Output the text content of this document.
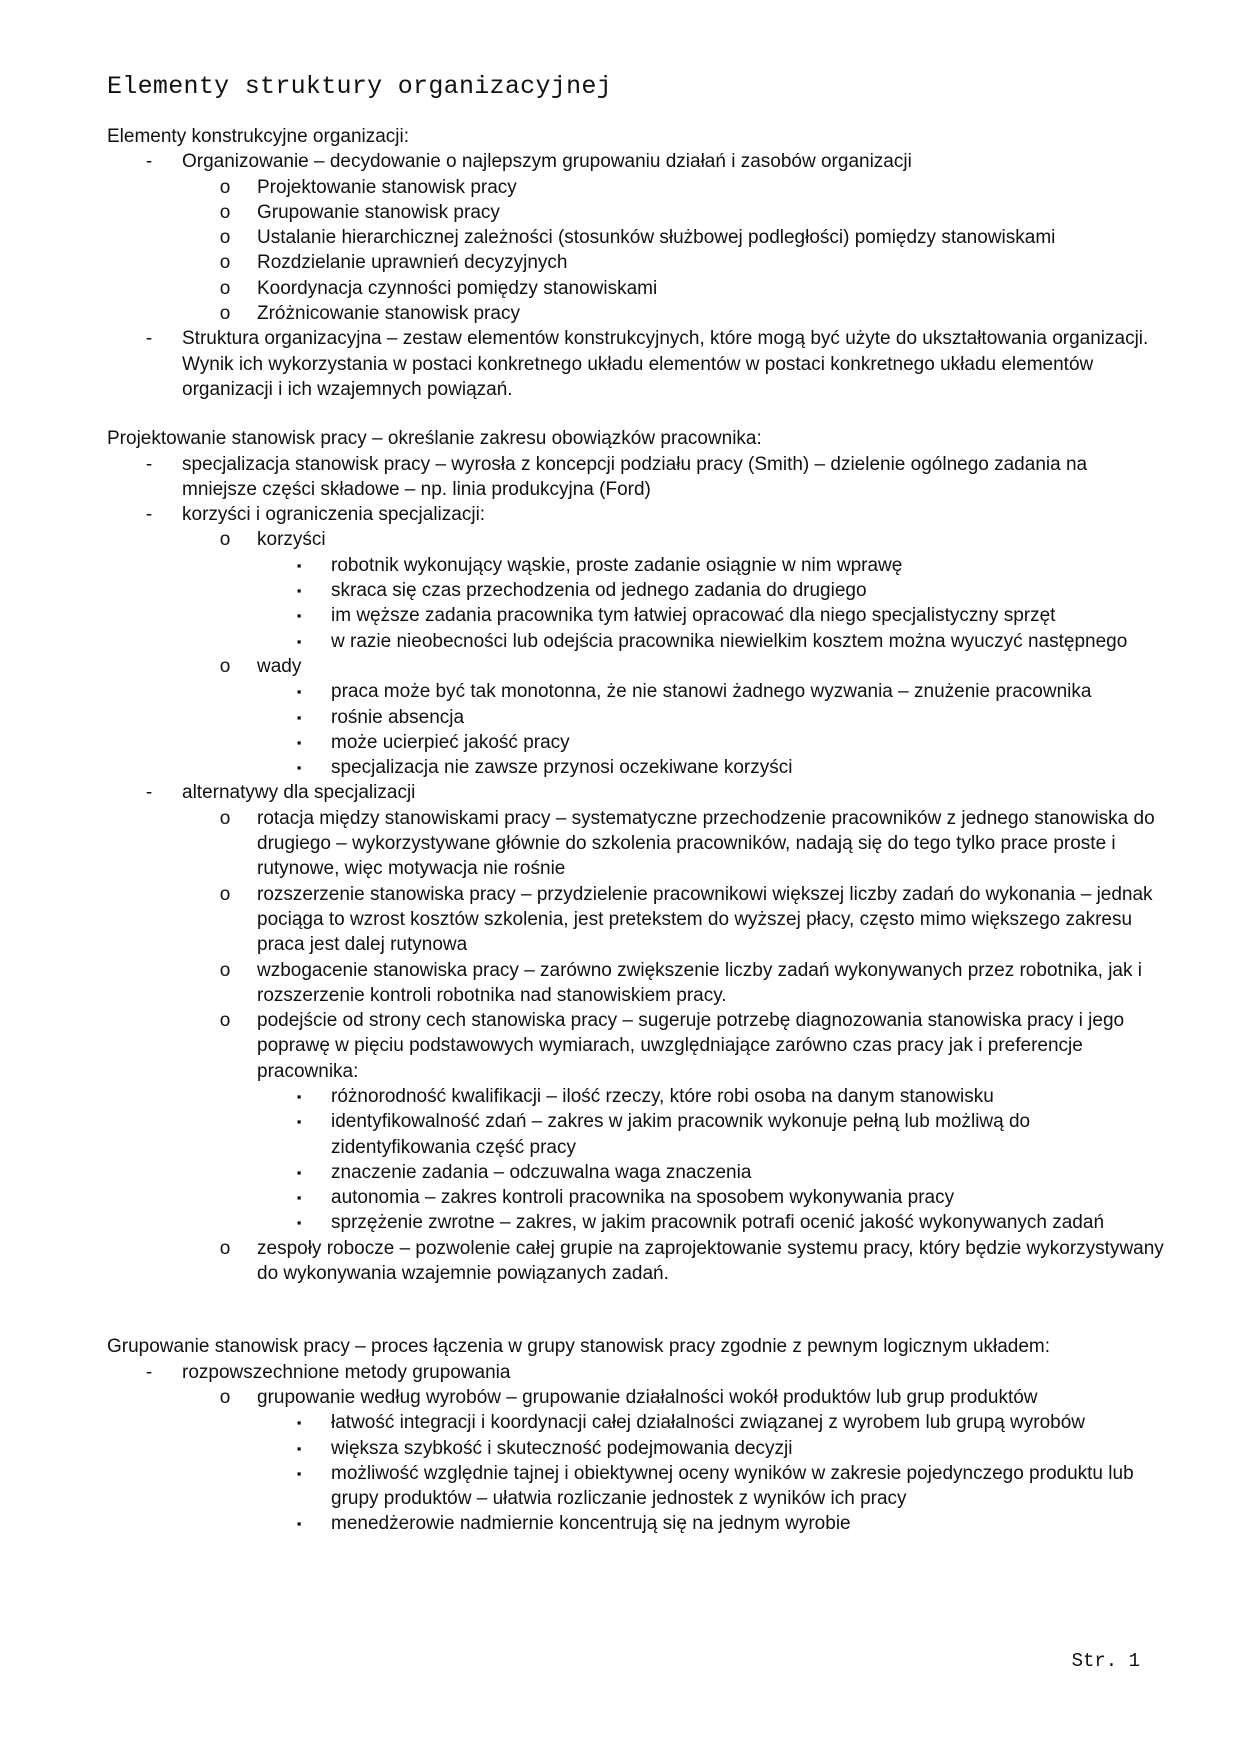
Elementy struktury organizacyjnej

Elementy konstrukcyjne organizacji:

- Organizowanie – decydowanie o najlepszym grupowaniu działań i zasobów organizacji
o Projektowanie stanowisk pracy
o Grupowanie stanowisk pracy
o Ustalanie hierarchicznej zależności (stosunków służbowej podległości) pomiędzy stanowiskami
o Rozdzielanie uprawnień decyzyjnych
o Koordynacja czynności pomiędzy stanowiskami
o Zróżnicowanie stanowisk pracy
- Struktura organizacyjna – zestaw elementów konstrukcyjnych, które mogą być użyte do ukształtowania organizacji. Wynik ich wykorzystania w postaci konkretnego układu elementów w postaci konkretnego układu elementów organizacji i ich wzajemnych powiązań.

Projektowanie stanowisk pracy – określanie zakresu obowiązków pracownika:

- specjalizacja stanowisk pracy – wyrosła z koncepcji podziału pracy (Smith) – dzielenie ogólnego zadania na mniejsze części składowe – np. linia produkcyjna (Ford)
- korzyści i ograniczenia specjalizacji:
o korzyści
▪ robotnik wykonujący wąskie, proste zadanie osiągnie w nim wprawę
▪ skraca się czas przechodzenia od jednego zadania do drugiego
▪ im węższe zadania pracownika tym łatwiej opracować dla niego specjalistyczny sprzęt
▪ w razie nieobecności lub odejścia pracownika niewielkim kosztem można wyuczyć następnego
o wady
▪ praca może być tak monotonna, że nie stanowi żadnego wyzwania – znużenie pracownika
▪ rośnie absencja
▪ może ucierpieć jakość pracy
▪ specjalizacja nie zawsze przynosi oczekiwane korzyści
- alternatywy dla specjalizacji
o rotacja między stanowiskami pracy – systematyczne przechodzenie pracowników z jednego stanowiska do drugiego – wykorzystywane głównie do szkolenia pracowników, nadają się do tego tylko prace proste i rutynowe, więc motywacja nie rośnie
o rozszerzenie stanowiska pracy – przydzielenie pracownikowi większej liczby zadań do wykonania – jednak pociąga to wzrost kosztów szkolenia, jest pretekstem do wyższej płacy, często mimo większego zakresu praca jest dalej rutynowa
o wzbogacenie stanowiska pracy – zarówno zwiększenie liczby zadań wykonywanych przez robotnika, jak i rozszerzenie kontroli robotnika nad stanowiskiem pracy.
o podejście od strony cech stanowiska pracy – sugeruje potrzebę diagnozowania stanowiska pracy i jego poprawę w pięciu podstawowych wymiarach, uwzględniające zarówno czas pracy jak i preferencje pracownika:
▪ różnorodność kwalifikacji – ilość rzeczy, które robi osoba na danym stanowisku
▪ identyfikowalność zdań – zakres w jakim pracownik wykonuje pełną lub możliwą do zidentyfikowania część pracy
▪ znaczenie zadania – odczuwalna waga znaczenia
▪ autonomia – zakres kontroli pracownika na sposobem wykonywania pracy
▪ sprzężenie zwrotne – zakres, w jakim pracownik potrafi ocenić jakość wykonywanych zadań
o zespoły robocze – pozwolenie całej grupie na zaprojektowanie systemu pracy, który będzie wykorzystywany do wykonywania wzajemnie powiązanych zadań.

Grupowanie stanowisk pracy – proces łączenia w grupy stanowisk pracy zgodnie z pewnym logicznym układem:

- rozpowszechnione metody grupowania
o grupowanie według wyrobów – grupowanie działalności wokół produktów lub grup produktów
▪ łatwość integracji i koordynacji całej działalności związanej z wyrobem lub grupą wyrobów
▪ większa szybkość i skuteczność podejmowania decyzji
▪ możliwość względnie tajnej i obiektywnej oceny wyników w zakresie pojedynczego produktu lub grupy produktów – ułatwia rozliczanie jednostek z wyników ich pracy
▪ menedżerowie nadmiernie koncentrują się na jednym wyrobie
Str. 1
